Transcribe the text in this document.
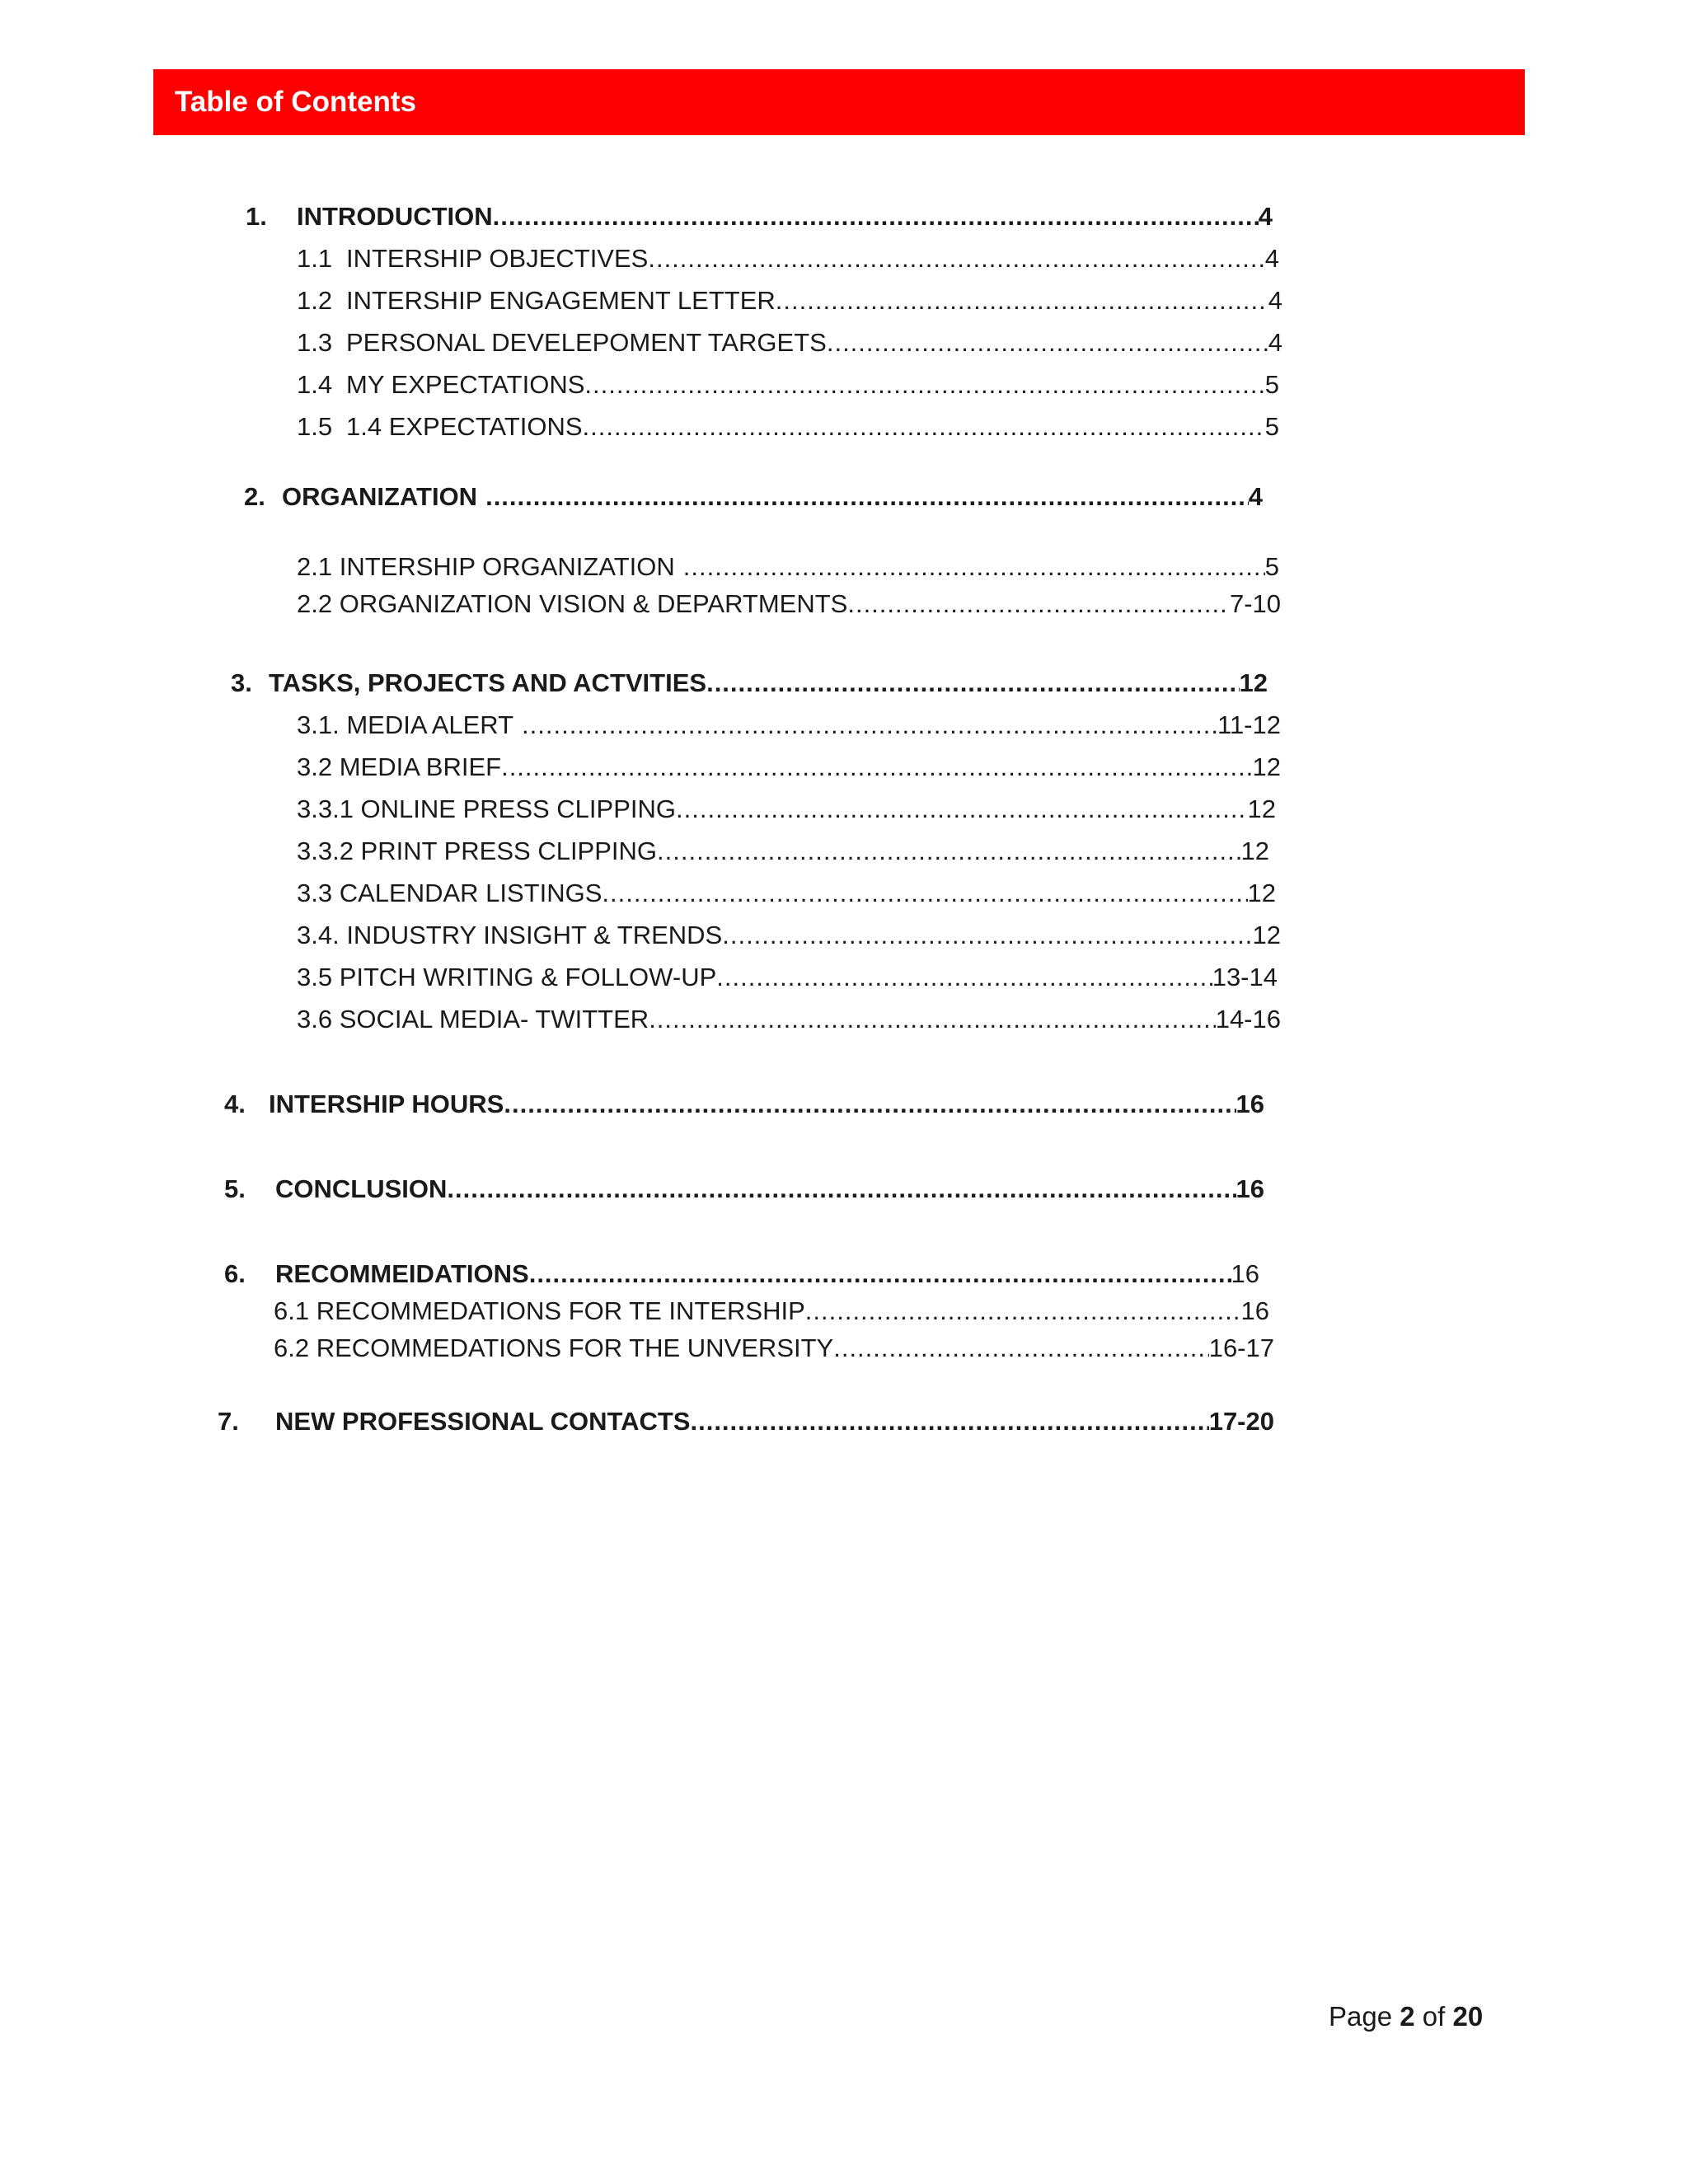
Table of Contents
1.	INTRODUCTION .....	4
1.1 INTERSHIP OBJECTIVES .....	4
1.2 INTERSHIP ENGAGEMENT LETTER .....	4
1.3 PERSONAL DEVELEPOMENT TARGETS .....	4
1.4 MY EXPECTATIONS .....	5
1.5 1.4 EXPECTATIONS .....	5
2. ORGANIZATION .....	4
2.1 INTERSHIP ORGANIZATION .....	5
2.2 ORGANIZATION VISION & DEPARTMENTS .....	7-10
3. TASKS, PROJECTS AND ACTVITIES .....	12
3.1. MEDIA ALERT .....	11-12
3.2 MEDIA BRIEF .....	12
3.3.1 ONLINE PRESS CLIPPING .....	12
3.3.2 PRINT PRESS CLIPPING .....	12
3.3 CALENDAR LISTINGS .....	12
3.4. INDUSTRY INSIGHT & TRENDS .....	12
3.5 PITCH WRITING & FOLLOW-UP .....	13-14
3.6 SOCIAL MEDIA- TWITTER .....	14-16
4. INTERSHIP HOURS .....	16
5.	CONCLUSION .....	16
6.	RECOMMEIDATIONS .....	16
6.1 RECOMMEDATIONS FOR TE INTERSHIP .....	16
6.2 RECOMMEDATIONS FOR THE UNVERSITY .....	16-17
7.	NEW PROFESSIONAL CONTACTS .....	17-20
Page 2 of 20
